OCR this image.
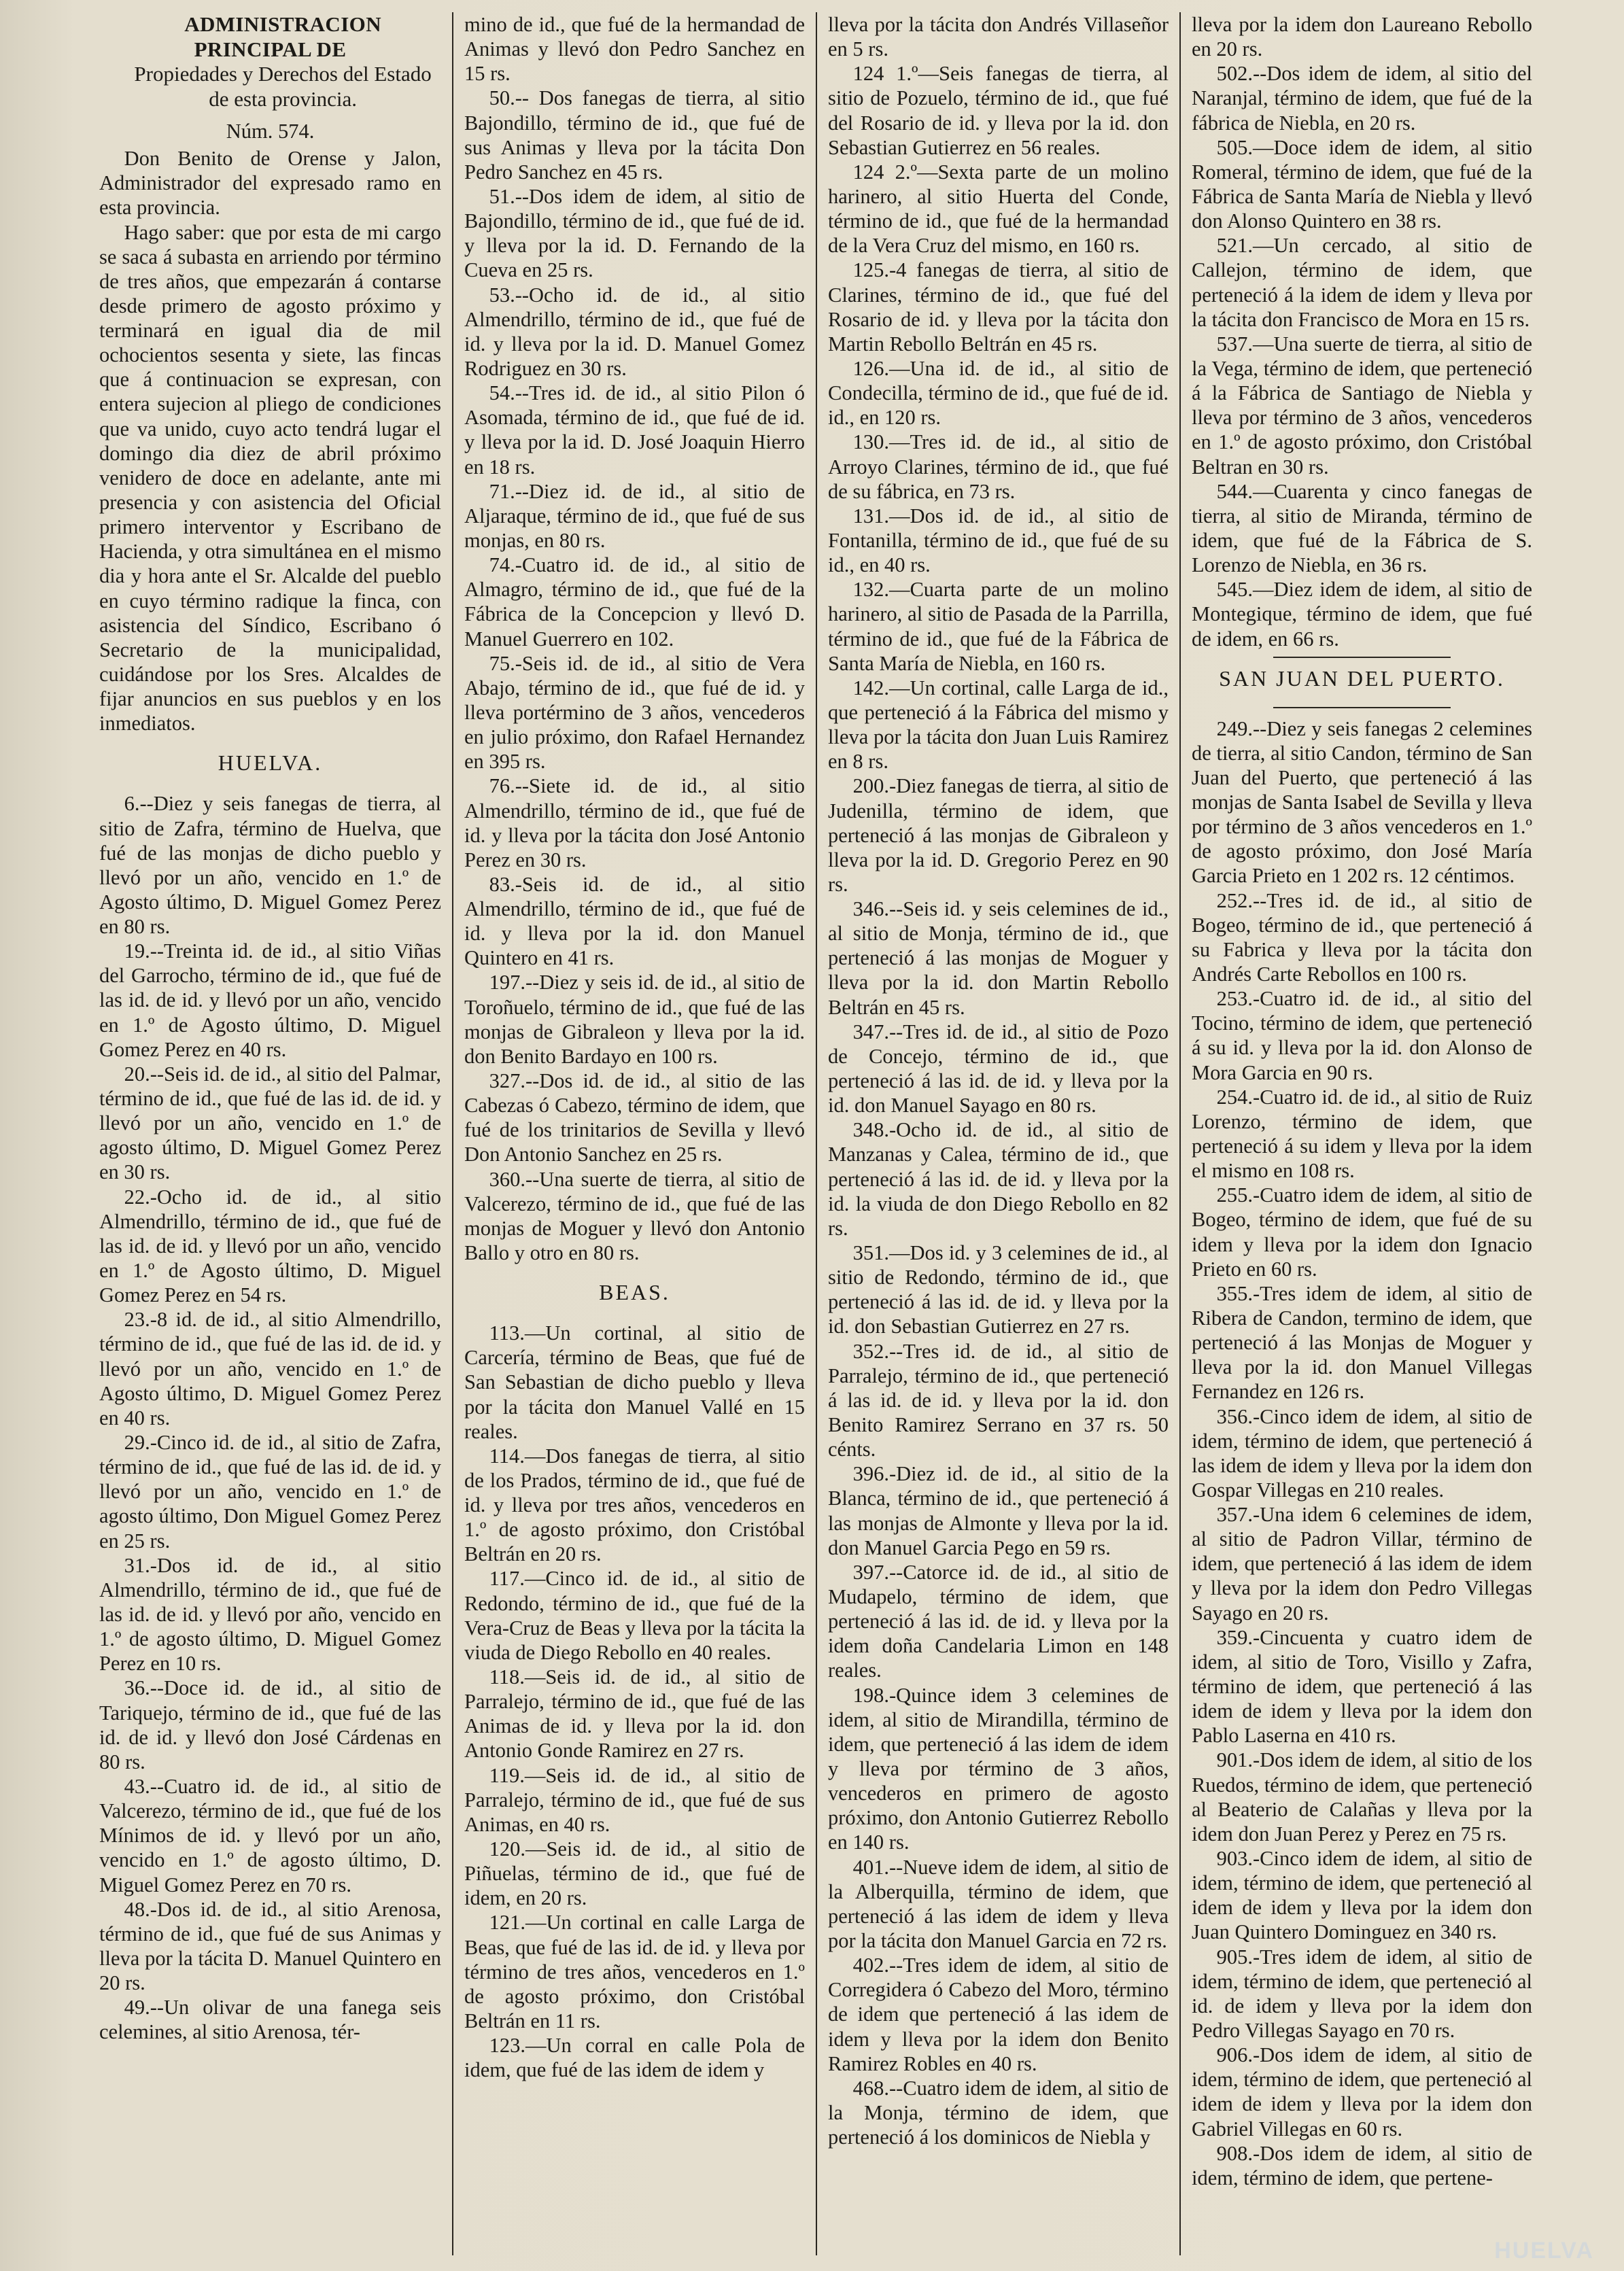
ADMINISTRACION PRINCIPAL DE

Propiedades y Derechos del Estado

de esta provincia.

Núm. 574.

Don Benito de Orense y Jalon, Administrador del expresado ramo en esta provincia.

Hago saber: que por esta de mi cargo se saca á subasta en arriendo por término de tres años, que empezarán á contarse desde primero de agosto próximo y terminará en igual dia de mil ochocientos sesenta y siete, las fincas que á continuacion se expresan, con entera sujecion al pliego de condiciones que va unido, cuyo acto tendrá lugar el domingo dia diez de abril próximo venidero de doce en adelante, ante mi presencia y con asistencia del Oficial primero interventor y Escribano de Hacienda, y otra simultánea en el mismo dia y hora ante el Sr. Alcalde del pueblo en cuyo término radique la finca, con asistencia del Síndico, Escribano ó Secretario de la municipalidad, cuidándose por los Sres. Alcaldes de fijar anuncios en sus pueblos y en los inmediatos.

HUELVA.

6.--Diez y seis fanegas de tierra, al sitio de Zafra, término de Huelva, que fué de las monjas de dicho pueblo y llevó por un año, vencido en 1.º de Agosto último, D. Miguel Gomez Perez en 80 rs.

19.--Treinta id. de id., al sitio Viñas del Garrocho, término de id., que fué de las id. de id. y llevó por un año, vencido en 1.º de Agosto último, D. Miguel Gomez Perez en 40 rs.

20.--Seis id. de id., al sitio del Palmar, término de id., que fué de las id. de id. y llevó por un año, vencido en 1.º de agosto último, D. Miguel Gomez Perez en 30 rs.

22.-Ocho id. de id., al sitio Almendrillo, término de id., que fué de las id. de id. y llevó por un año, vencido en 1.º de Agosto último, D. Miguel Gomez Perez en 54 rs.

23.-8 id. de id., al sitio Almendrillo, término de id., que fué de las id. de id. y llevó por un año, vencido en 1.º de Agosto último, D. Miguel Gomez Perez en 40 rs.

29.-Cinco id. de id., al sitio de Zafra, término de id., que fué de las id. de id. y llevó por un año, vencido en 1.º de agosto último, Don Miguel Gomez Perez en 25 rs.

31.-Dos id. de id., al sitio Almendrillo, término de id., que fué de las id. de id. y llevó por año, vencido en 1.º de agosto último, D. Miguel Gomez Perez en 10 rs.

36.--Doce id. de id., al sitio de Tariquejo, término de id., que fué de las id. de id. y llevó don José Cárdenas en 80 rs.

43.--Cuatro id. de id., al sitio de Valcerezo, término de id., que fué de los Mínimos de id. y llevó por un año, vencido en 1.º de agosto último, D. Miguel Gomez Perez en 70 rs.

48.-Dos id. de id., al sitio Arenosa, término de id., que fué de sus Animas y lleva por la tácita D. Manuel Quintero en 20 rs.

49.--Un olivar de una fanega seis celemines, al sitio Arenosa, tér-

mino de id., que fué de la hermandad de Animas y llevó don Pedro Sanchez en 15 rs.

50.-- Dos fanegas de tierra, al sitio Bajondillo, término de id., que fué de sus Animas y lleva por la tácita Don Pedro Sanchez en 45 rs.

51.--Dos idem de idem, al sitio de Bajondillo, término de id., que fué de id. y lleva por la id. D. Fernando de la Cueva en 25 rs.

53.--Ocho id. de id., al sitio Almendrillo, término de id., que fué de id. y lleva por la id. D. Manuel Gomez Rodriguez en 30 rs.

54.--Tres id. de id., al sitio Pilon ó Asomada, término de id., que fué de id. y lleva por la id. D. José Joaquin Hierro en 18 rs.

71.--Diez id. de id., al sitio de Aljaraque, término de id., que fué de sus monjas, en 80 rs.

74.-Cuatro id. de id., al sitio de Almagro, término de id., que fué de la Fábrica de la Concepcion y llevó D. Manuel Guerrero en 102.

75.-Seis id. de id., al sitio de Vera Abajo, término de id., que fué de id. y lleva portérmino de 3 años, vencederos en julio próximo, don Rafael Hernandez en 395 rs.

76.--Siete id. de id., al sitio Almendrillo, término de id., que fué de id. y lleva por la tácita don José Antonio Perez en 30 rs.

83.-Seis id. de id., al sitio Almendrillo, término de id., que fué de id. y lleva por la id. don Manuel Quintero en 41 rs.

197.--Diez y seis id. de id., al sitio de Toroñuelo, término de id., que fué de las monjas de Gibraleon y lleva por la id. don Benito Bardayo en 100 rs.

327.--Dos id. de id., al sitio de las Cabezas ó Cabezo, término de idem, que fué de los trinitarios de Sevilla y llevó Don Antonio Sanchez en 25 rs.

360.--Una suerte de tierra, al sitio de Valcerezo, término de id., que fué de las monjas de Moguer y llevó don Antonio Ballo y otro en 80 rs.

BEAS.

113.—Un cortinal, al sitio de Carcería, término de Beas, que fué de San Sebastian de dicho pueblo y lleva por la tácita don Manuel Vallé en 15 reales.

114.—Dos fanegas de tierra, al sitio de los Prados, término de id., que fué de id. y lleva por tres años, vencederos en 1.º de agosto próximo, don Cristóbal Beltrán en 20 rs.

117.—Cinco id. de id., al sitio de Redondo, término de id., que fué de la Vera-Cruz de Beas y lleva por la tácita la viuda de Diego Rebollo en 40 reales.

118.—Seis id. de id., al sitio de Parralejo, término de id., que fué de las Animas de id. y lleva por la id. don Antonio Gonde Ramirez en 27 rs.

119.—Seis id. de id., al sitio de Parralejo, término de id., que fué de sus Animas, en 40 rs.

120.—Seis id. de id., al sitio de Piñuelas, término de id., que fué de idem, en 20 rs.

121.—Un cortinal en calle Larga de Beas, que fué de las id. de id. y lleva por término de tres años, vencederos en 1.º de agosto próximo, don Cristóbal Beltrán en 11 rs.

123.—Un corral en calle Pola de idem, que fué de las idem de idem y

lleva por la tácita don Andrés Villaseñor en 5 rs.

124 1.º—Seis fanegas de tierra, al sitio de Pozuelo, término de id., que fué del Rosario de id. y lleva por la id. don Sebastian Gutierrez en 56 reales.

124 2.º—Sexta parte de un molino harinero, al sitio Huerta del Conde, término de id., que fué de la hermandad de la Vera Cruz del mismo, en 160 rs.

125.-4 fanegas de tierra, al sitio de Clarines, término de id., que fué del Rosario de id. y lleva por la tácita don Martin Rebollo Beltrán en 45 rs.

126.—Una id. de id., al sitio de Condecilla, término de id., que fué de id. id., en 120 rs.

130.—Tres id. de id., al sitio de Arroyo Clarines, término de id., que fué de su fábrica, en 73 rs.

131.—Dos id. de id., al sitio de Fontanilla, término de id., que fué de su id., en 40 rs.

132.—Cuarta parte de un molino harinero, al sitio de Pasada de la Parrilla, término de id., que fué de la Fábrica de Santa María de Niebla, en 160 rs.

142.—Un cortinal, calle Larga de id., que perteneció á la Fábrica del mismo y lleva por la tácita don Juan Luis Ramirez en 8 rs.

200.-Diez fanegas de tierra, al sitio de Judenilla, término de idem, que perteneció á las monjas de Gibraleon y lleva por la id. D. Gregorio Perez en 90 rs.

346.--Seis id. y seis celemines de id., al sitio de Monja, término de id., que perteneció á las monjas de Moguer y lleva por la id. don Martin Rebollo Beltrán en 45 rs.

347.--Tres id. de id., al sitio de Pozo de Concejo, término de id., que perteneció á las id. de id. y lleva por la id. don Manuel Sayago en 80 rs.

348.-Ocho id. de id., al sitio de Manzanas y Calea, término de id., que perteneció á las id. de id. y lleva por la id. la viuda de don Diego Rebollo en 82 rs.

351.—Dos id. y 3 celemines de id., al sitio de Redondo, término de id., que perteneció á las id. de id. y lleva por la id. don Sebastian Gutierrez en 27 rs.

352.--Tres id. de id., al sitio de Parralejo, término de id., que perteneció á las id. de id. y lleva por la id. don Benito Ramirez Serrano en 37 rs. 50 cénts.

396.-Diez id. de id., al sitio de la Blanca, término de id., que perteneció á las monjas de Almonte y lleva por la id. don Manuel Garcia Pego en 59 rs.

397.--Catorce id. de id., al sitio de Mudapelo, término de idem, que perteneció á las id. de id. y lleva por la idem doña Candelaria Limon en 148 reales.

198.-Quince idem 3 celemines de idem, al sitio de Mirandilla, término de idem, que perteneció á las idem de idem y lleva por término de 3 años, vencederos en primero de agosto próximo, don Antonio Gutierrez Rebollo en 140 rs.

401.--Nueve idem de idem, al sitio de la Alberquilla, término de idem, que perteneció á las idem de idem y lleva por la tácita don Manuel Garcia en 72 rs.

402.--Tres idem de idem, al sitio de Corregidera ó Cabezo del Moro, término de idem que perteneció á las idem de idem y lleva por la idem don Benito Ramirez Robles en 40 rs.

468.--Cuatro idem de idem, al sitio de la Monja, término de idem, que perteneció á los dominicos de Niebla y

lleva por la idem don Laureano Rebollo en 20 rs.

502.--Dos idem de idem, al sitio del Naranjal, término de idem, que fué de la fábrica de Niebla, en 20 rs.

505.—Doce idem de idem, al sitio Romeral, término de idem, que fué de la Fábrica de Santa María de Niebla y llevó don Alonso Quintero en 38 rs.

521.—Un cercado, al sitio de Callejon, término de idem, que perteneció á la idem de idem y lleva por la tácita don Francisco de Mora en 15 rs.

537.—Una suerte de tierra, al sitio de la Vega, término de idem, que perteneció á la Fábrica de Santiago de Niebla y lleva por término de 3 años, vencederos en 1.º de agosto próximo, don Cristóbal Beltran en 30 rs.

544.—Cuarenta y cinco fanegas de tierra, al sitio de Miranda, término de idem, que fué de la Fábrica de S. Lorenzo de Niebla, en 36 rs.

545.—Diez idem de idem, al sitio de Montegique, término de idem, que fué de idem, en 66 rs.

SAN JUAN DEL PUERTO.

249.--Diez y seis fanegas 2 celemines de tierra, al sitio Candon, término de San Juan del Puerto, que perteneció á las monjas de Santa Isabel de Sevilla y lleva por término de 3 años vencederos en 1.º de agosto próximo, don José María Garcia Prieto en 1 202 rs. 12 céntimos.

252.--Tres id. de id., al sitio de Bogeo, término de id., que perteneció á su Fabrica y lleva por la tácita don Andrés Carte Rebollos en 100 rs.

253.-Cuatro id. de id., al sitio del Tocino, término de idem, que perteneció á su id. y lleva por la id. don Alonso de Mora Garcia en 90 rs.

254.-Cuatro id. de id., al sitio de Ruiz Lorenzo, término de idem, que perteneció á su idem y lleva por la idem el mismo en 108 rs.

255.-Cuatro idem de idem, al sitio de Bogeo, término de idem, que fué de su idem y lleva por la idem don Ignacio Prieto en 60 rs.

355.-Tres idem de idem, al sitio de Ribera de Candon, termino de idem, que perteneció á las Monjas de Moguer y lleva por la id. don Manuel Villegas Fernandez en 126 rs.

356.-Cinco idem de idem, al sitio de idem, término de idem, que perteneció á las idem de idem y lleva por la idem don Gospar Villegas en 210 reales.

357.-Una idem 6 celemines de idem, al sitio de Padron Villar, término de idem, que perteneció á las idem de idem y lleva por la idem don Pedro Villegas Sayago en 20 rs.

359.-Cincuenta y cuatro idem de idem, al sitio de Toro, Visillo y Zafra, término de idem, que perteneció á las idem de idem y lleva por la idem don Pablo Laserna en 410 rs.

901.-Dos idem de idem, al sitio de los Ruedos, término de idem, que perteneció al Beaterio de Calañas y lleva por la idem don Juan Perez y Perez en 75 rs.

903.-Cinco idem de idem, al sitio de idem, término de idem, que perteneció al idem de idem y lleva por la idem don Juan Quintero Dominguez en 340 rs.

905.-Tres idem de idem, al sitio de idem, término de idem, que perteneció al id. de idem y lleva por la idem don Pedro Villegas Sayago en 70 rs.

906.-Dos idem de idem, al sitio de idem, término de idem, que perteneció al idem de idem y lleva por la idem don Gabriel Villegas en 60 rs.

908.-Dos idem de idem, al sitio de idem, término de idem, que pertene-

HUELVA
